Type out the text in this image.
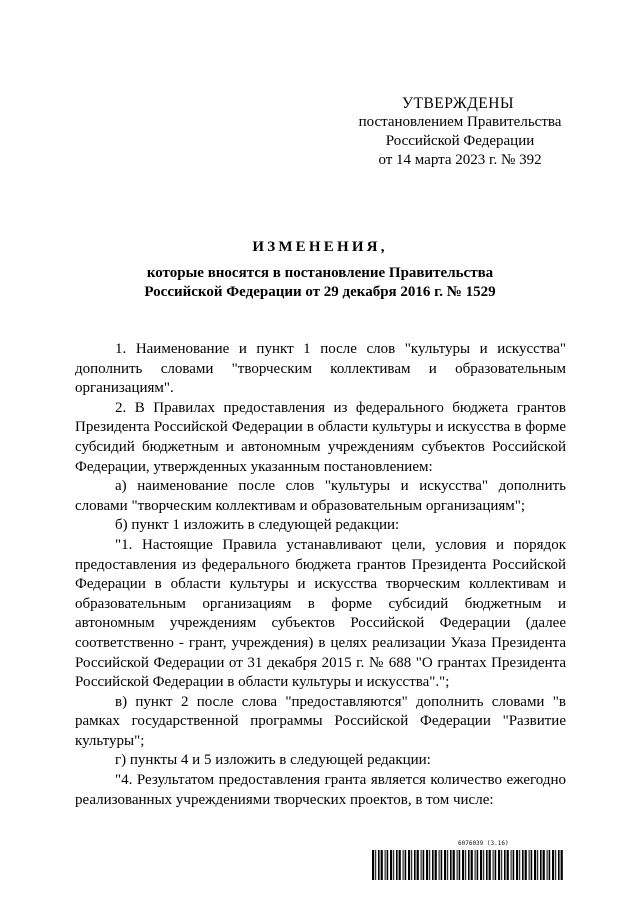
УТВЕРЖДЕНЫ
постановлением Правительства
Российской Федерации
от 14 марта 2023 г. № 392
ИЗМЕНЕНИЯ,
которые вносятся в постановление Правительства
Российской Федерации от 29 декабря 2016 г. № 1529

1. Наименование и пункт 1 после слов "культуры и искусства" дополнить словами "творческим коллективам и образовательным организациям".

2. В Правилах предоставления из федерального бюджета грантов Президента Российской Федерации в области культуры и искусства в форме субсидий бюджетным и автономным учреждениям субъектов Российской Федерации, утвержденных указанным постановлением:

а) наименование после слов "культуры и искусства" дополнить словами "творческим коллективам и образовательным организациям";

б) пункт 1 изложить в следующей редакции:

"1. Настоящие Правила устанавливают цели, условия и порядок предоставления из федерального бюджета грантов Президента Российской Федерации в области культуры и искусства творческим коллективам и образовательным организациям в форме субсидий бюджетным и автономным учреждениям субъектов Российской Федерации (далее соответственно - грант, учреждения) в целях реализации Указа Президента Российской Федерации от 31 декабря 2015 г. № 688 "О грантах Президента Российской Федерации в области культуры и искусства".";

в) пункт 2 после слова "предоставляются" дополнить словами "в рамках государственной программы Российской Федерации "Развитие культуры";

г) пункты 4 и 5 изложить в следующей редакции:

"4. Результатом предоставления гранта является количество ежегодно реализованных учреждениями творческих проектов, в том числе:

6076039 (3.16)
